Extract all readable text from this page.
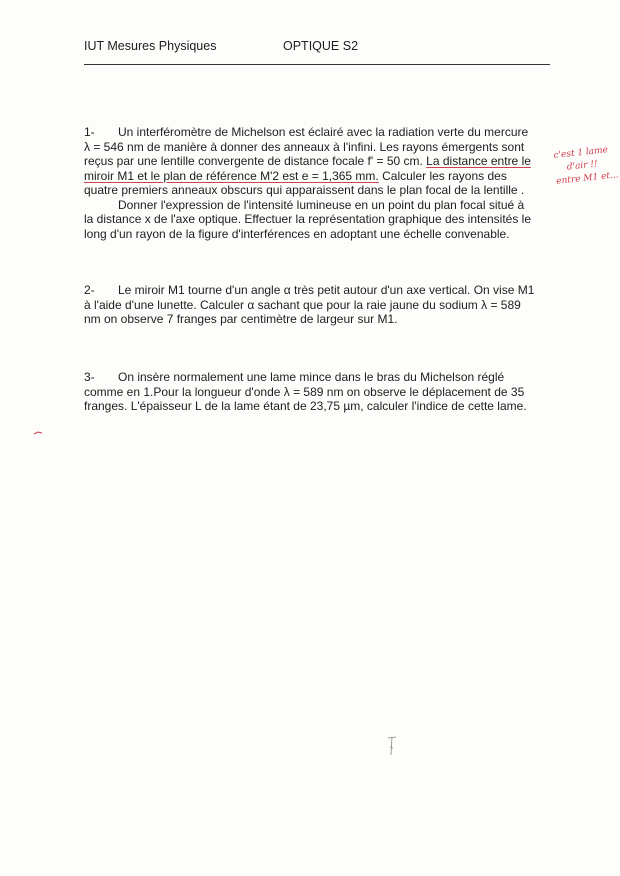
IUT Mesures Physiques	OPTIQUE S2
1- Un interféromètre de Michelson est éclairé avec la radiation verte du mercure
λ = 546 nm de manière à donner des anneaux à l'infini. Les rayons émergents sont
reçus par une lentille convergente de distance focale f' = 50 cm. La distance entre le
miroir M1 et le plan de référence M'2 est e = 1,365 mm. Calculer les rayons des
quatre premiers anneaux obscurs qui apparaissent dans le plan focal de la lentille .
Donner l'expression de l'intensité lumineuse en un point du plan focal situé à
la distance x de l'axe optique. Effectuer la représentation graphique des intensités le
long d'un rayon de la figure d'interférences en adoptant une échelle convenable.
2- Le miroir M1 tourne d'un angle α très petit autour d'un axe vertical. On vise M1
à l'aide d'une lunette. Calculer α sachant que pour la raie jaune du sodium λ = 589
nm on observe 7 franges par centimètre de largeur sur M1.
3- On insère normalement une lame mince dans le bras du Michelson réglé
comme en 1.Pour la longueur d'onde λ = 589 nm on observe le déplacement de 35
franges. L'épaisseur L de la lame étant de 23,75 µm, calculer l'indice de cette lame.
c'est 1 lame
d'air !!
entre M1 et...
